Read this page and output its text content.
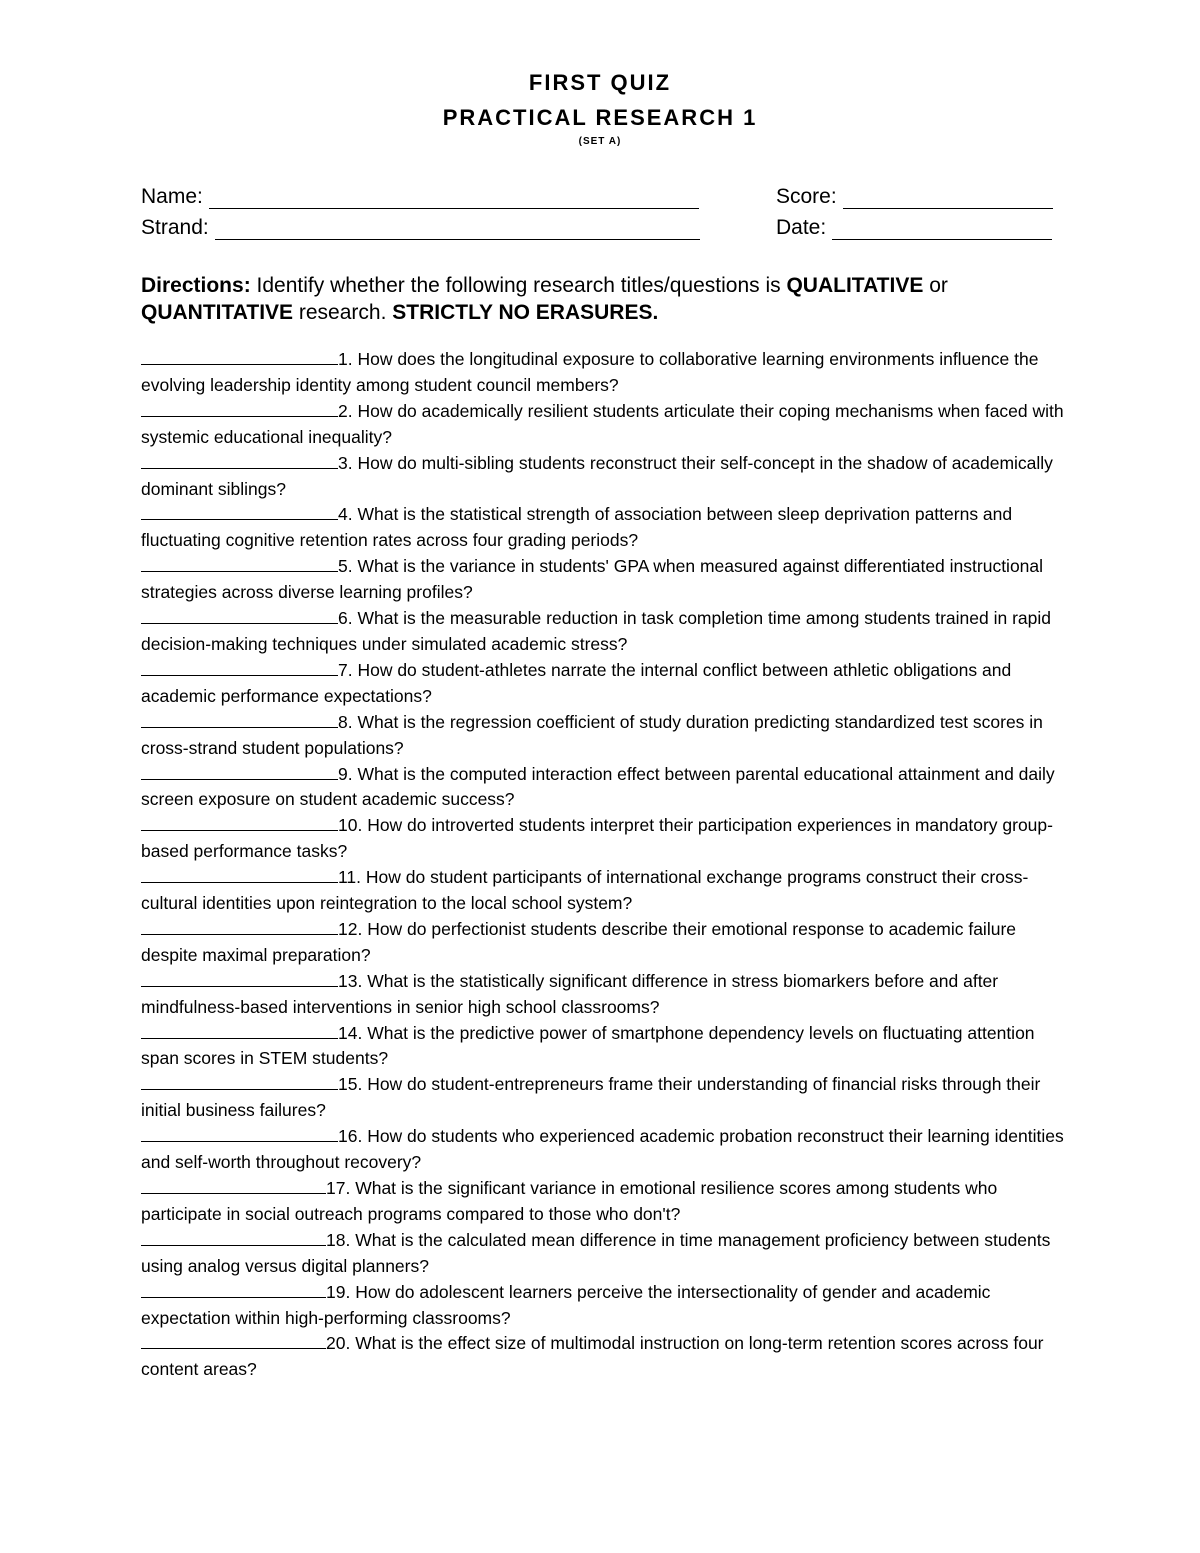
FIRST QUIZ

PRACTICAL RESEARCH 1

(SET A)

Name:	Score:
Strand:	Date:

Directions: Identify whether the following research titles/questions is QUALITATIVE or QUANTITATIVE research. STRICTLY NO ERASURES.

1. How does the longitudinal exposure to collaborative learning environments influence the evolving leadership identity among student council members?

2. How do academically resilient students articulate their coping mechanisms when faced with systemic educational inequality?

3. How do multi-sibling students reconstruct their self-concept in the shadow of academically dominant siblings?

4. What is the statistical strength of association between sleep deprivation patterns and fluctuating cognitive retention rates across four grading periods?

5. What is the variance in students' GPA when measured against differentiated instructional strategies across diverse learning profiles?

6. What is the measurable reduction in task completion time among students trained in rapid decision-making techniques under simulated academic stress?

7. How do student-athletes narrate the internal conflict between athletic obligations and academic performance expectations?

8. What is the regression coefficient of study duration predicting standardized test scores in cross-strand student populations?

9. What is the computed interaction effect between parental educational attainment and daily screen exposure on student academic success?

10. How do introverted students interpret their participation experiences in mandatory group-based performance tasks?

11. How do student participants of international exchange programs construct their cross-cultural identities upon reintegration to the local school system?

12. How do perfectionist students describe their emotional response to academic failure despite maximal preparation?

13. What is the statistically significant difference in stress biomarkers before and after mindfulness-based interventions in senior high school classrooms?

14. What is the predictive power of smartphone dependency levels on fluctuating attention span scores in STEM students?

15. How do student-entrepreneurs frame their understanding of financial risks through their initial business failures?

16. How do students who experienced academic probation reconstruct their learning identities and self-worth throughout recovery?

17. What is the significant variance in emotional resilience scores among students who participate in social outreach programs compared to those who don't?

18. What is the calculated mean difference in time management proficiency between students using analog versus digital planners?

19. How do adolescent learners perceive the intersectionality of gender and academic expectation within high-performing classrooms?

20. What is the effect size of multimodal instruction on long-term retention scores across four content areas?
